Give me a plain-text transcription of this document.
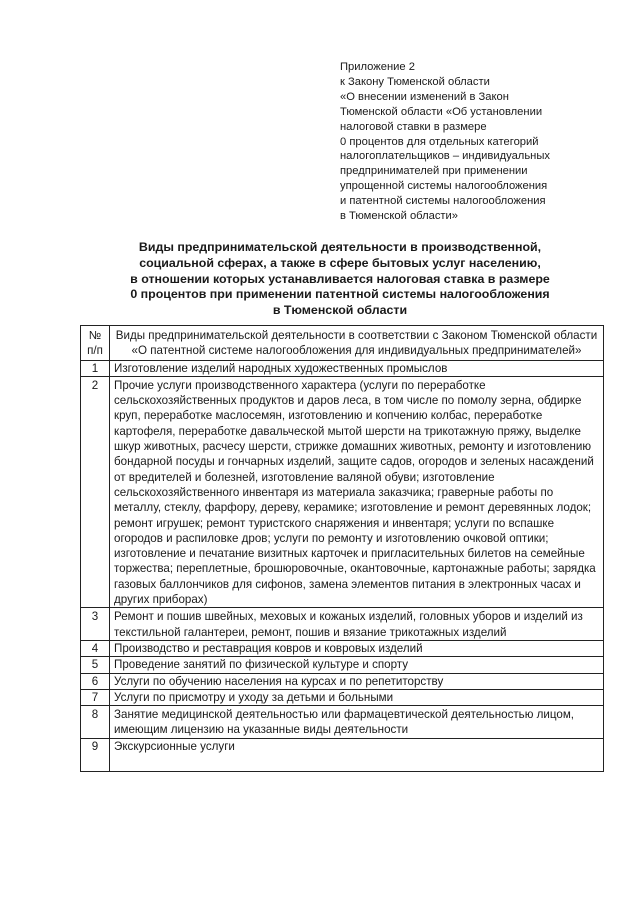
Приложение 2
к Закону Тюменской области
«О внесении изменений в Закон
Тюменской области «Об установлении
налоговой ставки в размере
0 процентов для отдельных категорий
налогоплательщиков – индивидуальных
предпринимателей при применении
упрощенной системы налогообложения
и патентной системы налогообложения
в Тюменской области»
Виды предпринимательской деятельности в производственной,
социальной сферах, а также в сфере бытовых услуг населению,
в отношении которых устанавливается налоговая ставка в размере
0 процентов при применении патентной системы налогообложения
в Тюменской области
№ п/п	Виды предпринимательской деятельности в соответствии с Законом Тюменской области «О патентной системе налогообложения для индивидуальных предпринимателей»
1	Изготовление изделий народных художественных промыслов
2	Прочие услуги производственного характера (услуги по переработке сельскохозяйственных продуктов и даров леса, в том числе по помолу зерна, обдирке круп, переработке маслосемян, изготовлению и копчению колбас, переработке картофеля, переработке давальческой мытой шерсти на трикотажную пряжу, выделке шкур животных, расчесу шерсти, стрижке домашних животных, ремонту и изготовлению бондарной посуды и гончарных изделий, защите садов, огородов и зеленых насаждений от вредителей и болезней, изготовление валяной обуви; изготовление сельскохозяйственного инвентаря из материала заказчика; граверные работы по металлу, стеклу, фарфору, дереву, керамике; изготовление и ремонт деревянных лодок; ремонт игрушек; ремонт туристского снаряжения и инвентаря; услуги по вспашке огородов и распиловке дров; услуги по ремонту и изготовлению очковой оптики; изготовление и печатание визитных карточек и пригласительных билетов на семейные торжества; переплетные, брошюровочные, окантовочные, картонажные работы; зарядка газовых баллончиков для сифонов, замена элементов питания в электронных часах и других приборах)
3	Ремонт и пошив швейных, меховых и кожаных изделий, головных уборов и изделий из текстильной галантереи, ремонт, пошив и вязание трикотажных изделий
4	Производство и реставрация ковров и ковровых изделий
5	Проведение занятий по физической культуре и спорту
6	Услуги по обучению населения на курсах и по репетиторству
7	Услуги по присмотру и уходу за детьми и больными
8	Занятие медицинской деятельностью или фармацевтической деятельностью лицом, имеющим лицензию на указанные виды деятельности
9	Экскурсионные услуги
